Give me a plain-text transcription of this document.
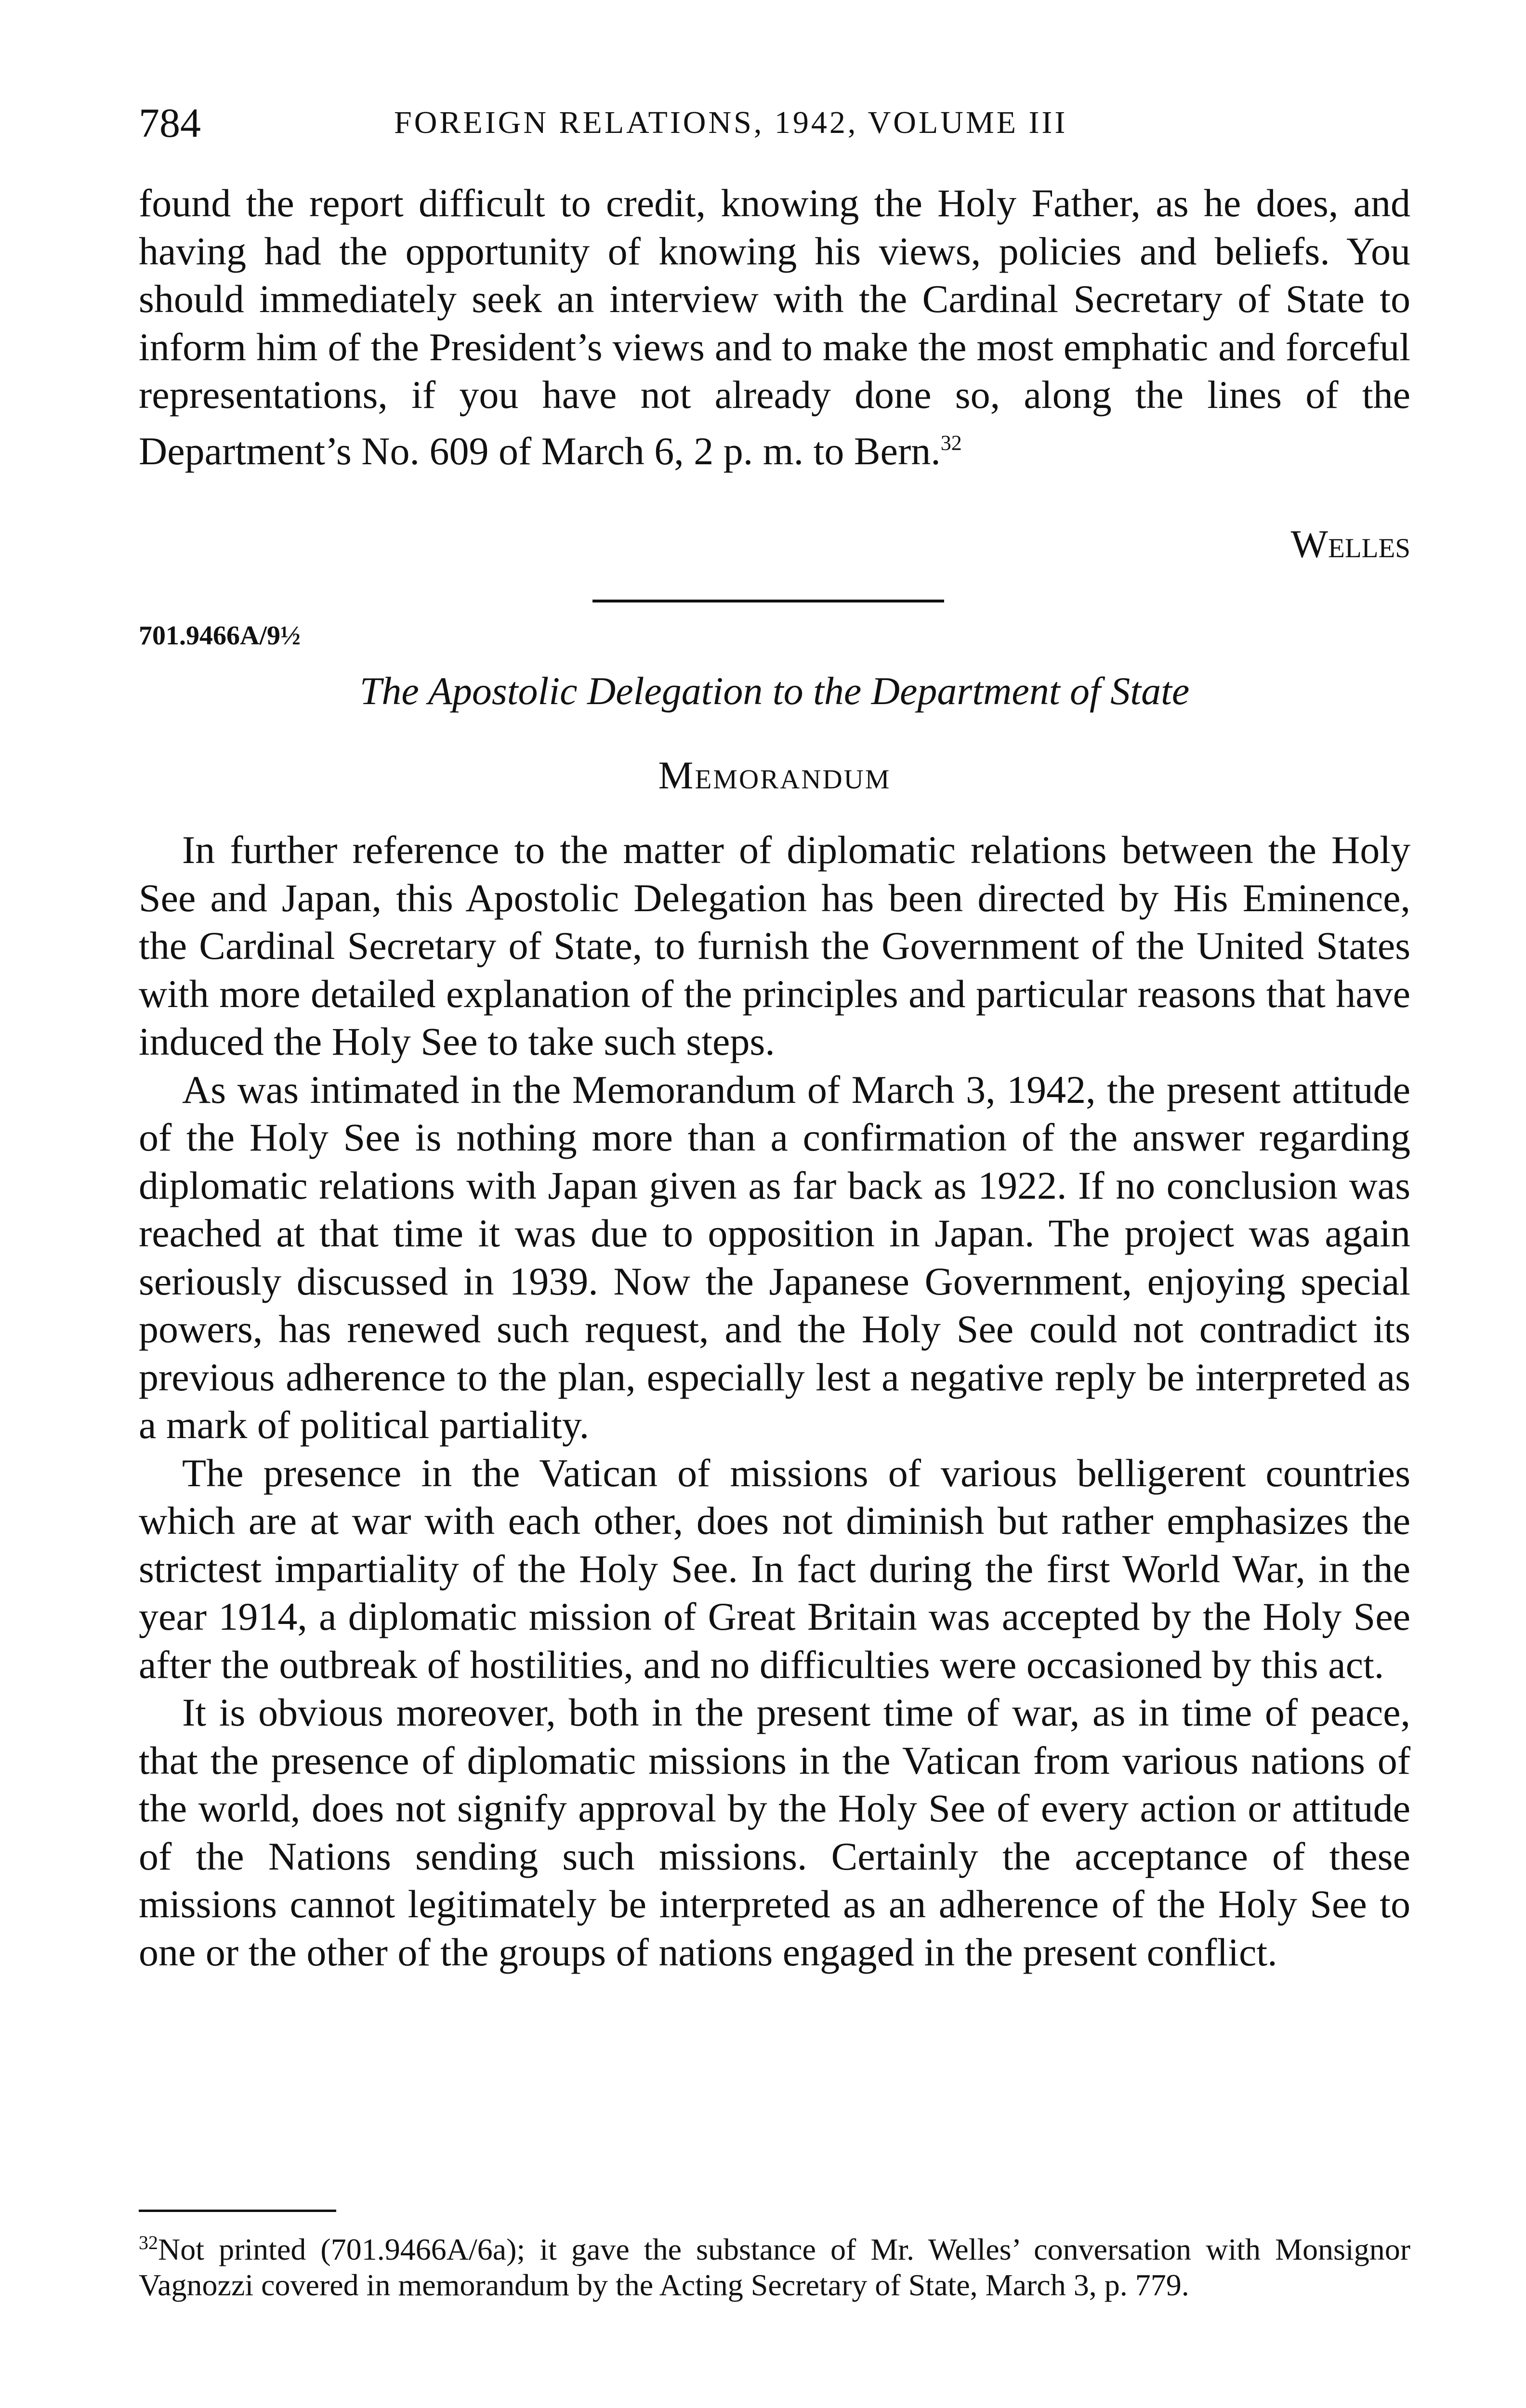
784	FOREIGN RELATIONS, 1942, VOLUME III

found the report difficult to credit, knowing the Holy Father, as he does, and having had the opportunity of knowing his views, policies and beliefs. You should immediately seek an interview with the Cardinal Secretary of State to inform him of the President’s views and to make the most emphatic and forceful representations, if you have not already done so, along the lines of the Department’s No. 609 of March 6, 2 p. m. to Bern.$^{32}$

Welles
701.9466A/9½
The Apostolic Delegation to the Department of State
Memorandum

In further reference to the matter of diplomatic relations between the Holy See and Japan, this Apostolic Delegation has been directed by His Eminence, the Cardinal Secretary of State, to furnish the Government of the United States with more detailed explanation of the principles and particular reasons that have induced the Holy See to take such steps.

As was intimated in the Memorandum of March 3, 1942, the present attitude of the Holy See is nothing more than a confirmation of the answer regarding diplomatic relations with Japan given as far back as 1922. If no conclusion was reached at that time it was due to opposition in Japan. The project was again seriously discussed in 1939. Now the Japanese Government, enjoying special powers, has renewed such request, and the Holy See could not contradict its previous adherence to the plan, especially lest a negative reply be interpreted as a mark of political partiality.

The presence in the Vatican of missions of various belligerent countries which are at war with each other, does not diminish but rather emphasizes the strictest impartiality of the Holy See. In fact during the first World War, in the year 1914, a diplomatic mission of Great Britain was accepted by the Holy See after the outbreak of hostilities, and no difficulties were occasioned by this act.

It is obvious moreover, both in the present time of war, as in time of peace, that the presence of diplomatic missions in the Vatican from various nations of the world, does not signify approval by the Holy See of every action or attitude of the Nations sending such missions. Certainly the acceptance of these missions cannot legitimately be interpreted as an adherence of the Holy See to one or the other of the groups of nations engaged in the present conflict.

$^{32}$Not printed (701.9466A/6a); it gave the substance of Mr. Welles’ conversation with Monsignor Vagnozzi covered in memorandum by the Acting Secretary of State, March 3, p. 779.
